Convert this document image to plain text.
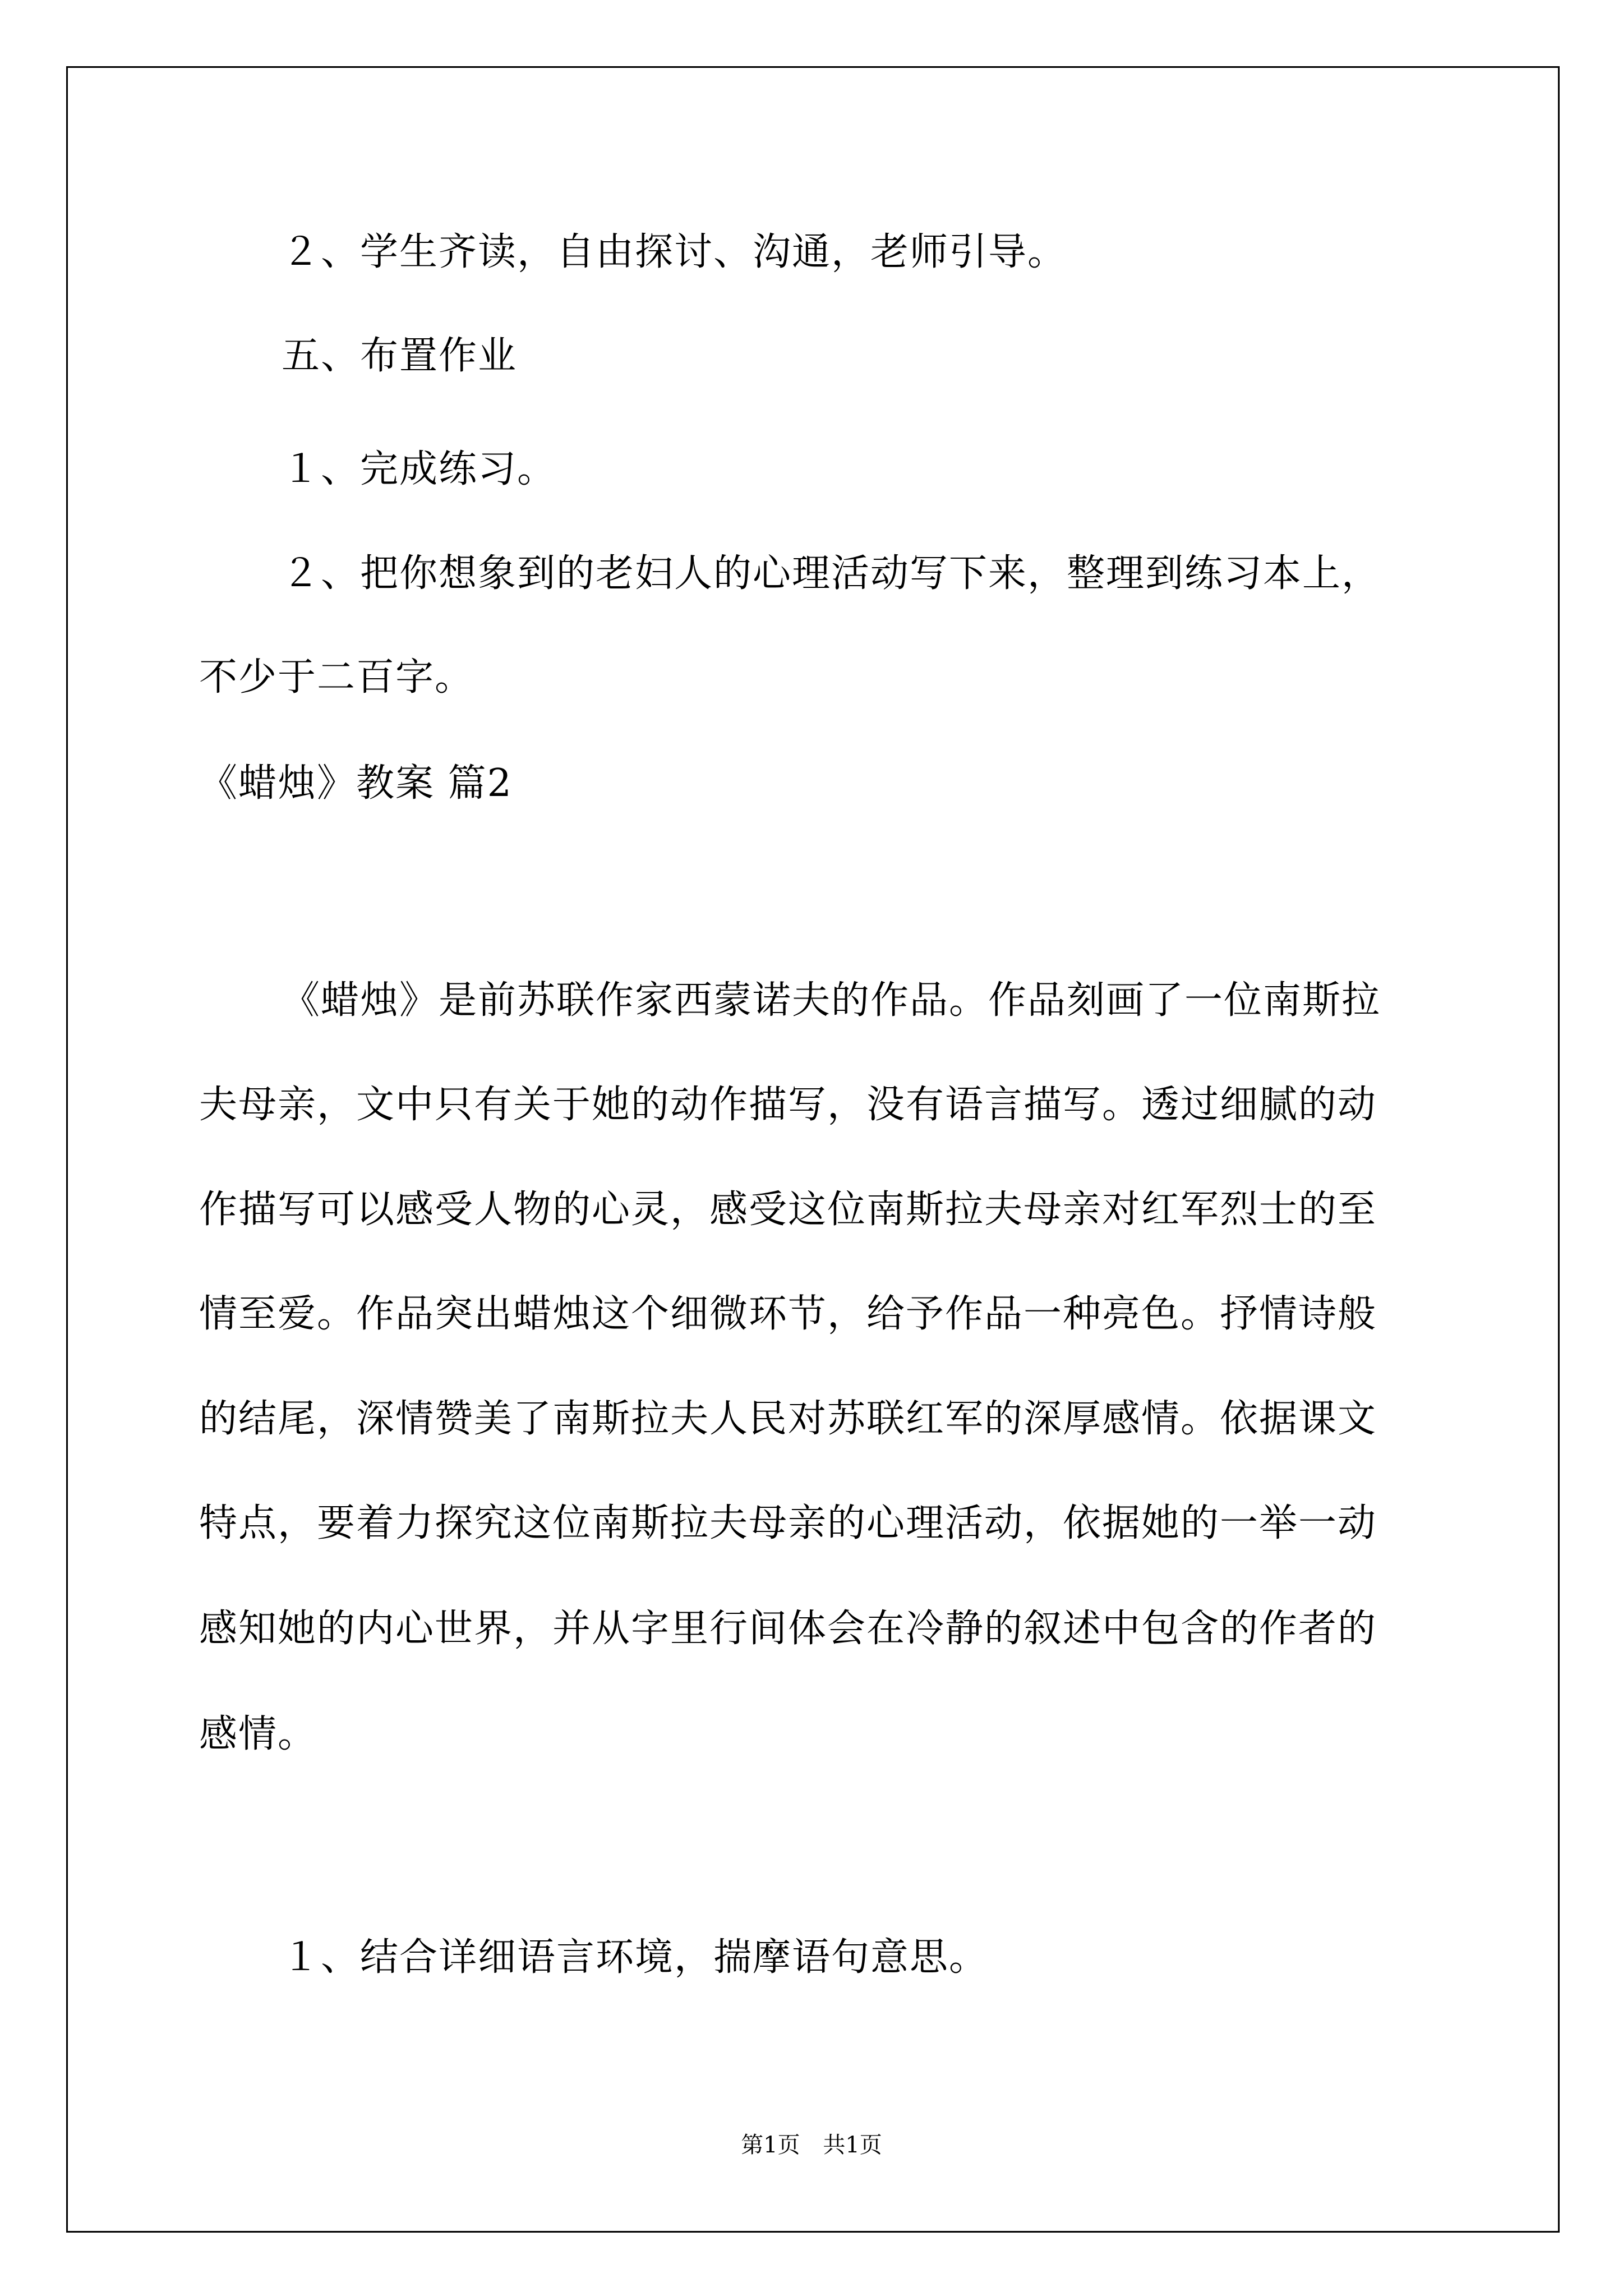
２、学生齐读，自由探讨、沟通，老师引导。
五、布置作业
１、完成练习。
２、把你想象到的老妇人的心理活动写下来，整理到练习本上，
不少于二百字。
《蜡烛》教案 篇2
《蜡烛》是前苏联作家西蒙诺夫的作品。作品刻画了一位南斯拉
夫母亲，文中只有关于她的动作描写，没有语言描写。透过细腻的动
作描写可以感受人物的心灵，感受这位南斯拉夫母亲对红军烈士的至
情至爱。作品突出蜡烛这个细微环节，给予作品一种亮色。抒情诗般
的结尾，深情赞美了南斯拉夫人民对苏联红军的深厚感情。依据课文
特点，要着力探究这位南斯拉夫母亲的心理活动，依据她的一举一动
感知她的内心世界，并从字里行间体会在冷静的叙述中包含的作者的
感情。
１、结合详细语言环境，揣摩语句意思。
第1页 共1页
